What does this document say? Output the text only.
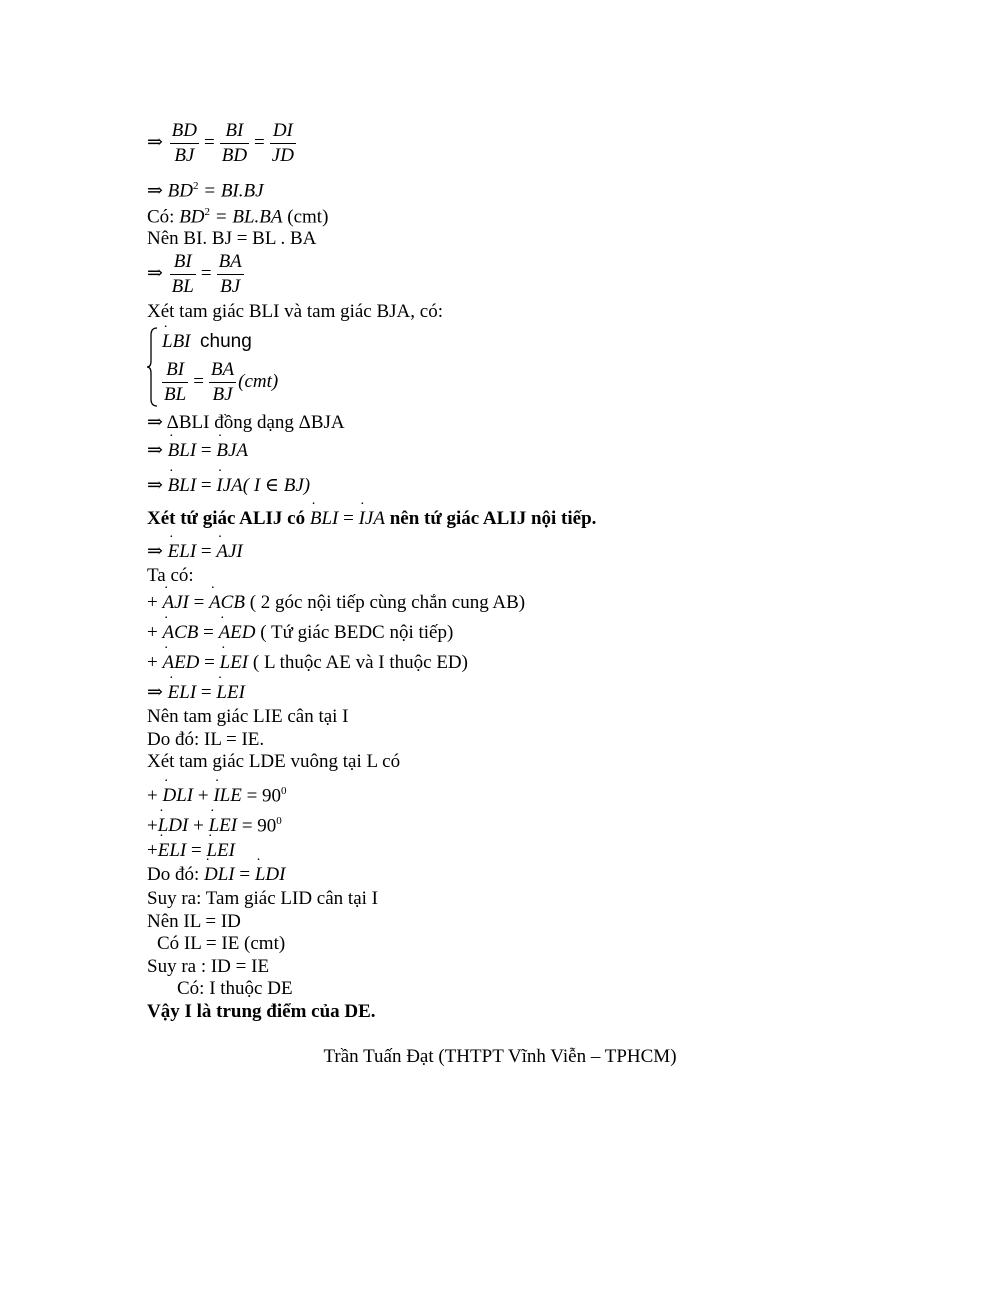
⇒ $\frac{BD}{BJ} = \frac{BI}{BD} = \frac{DI}{JD}$
⇒ $BD^2 = BI.BJ$
Có: $BD^2 = BL.BA$ (cmt)
Nên BI. BJ = BL . BA
⇒ $\frac{BI}{BL} = \frac{BA}{BJ}$
Xét tam giác BLI và tam giác BJA, có:
˙ LBI chung
$\frac{BI}{BL} = \frac{BA}{BJ} (cmt)$
⇒ ΔBLI đồng dạng ΔBJA
⇒ ˙ BLI = ˙ BJA
⇒ ˙ BLI = ˙ IJA( I ∈ BJ)
Xét tứ giác ALIJ có ˙ BLI = ˙ IJA nên tứ giác ALIJ nội tiếp.
⇒ ˙ ELI = ˙ AJI
Ta có:
+ ˙ AJI = ˙ ACB ( 2 góc nội tiếp cùng chắn cung AB)
+ ˙ ACB = ˙ AED ( Tứ giác BEDC nội tiếp)
+ ˙ AED = ˙ LEI ( L thuộc AE và I thuộc ED)
⇒ ˙ ELI = ˙ LEI
Nên tam giác LIE cân tại I
Do đó: IL = IE.
Xét tam giác LDE vuông tại L có
+ ˙ DLI + ˙ ILE = $90^0$
+˙ LDI + ˙ LEI = $90^0$
+˙ ELI = ˙ LEI
Do đó: ˙ DLI = ˙ LDI
Suy ra: Tam giác LID cân tại I
Nên IL = ID
Có IL = IE (cmt)
Suy ra : ID = IE
Có: I thuộc DE
Vậy I là trung điểm của DE.
Trần Tuấn Đạt (THTPT Vĩnh Viễn – TPHCM)
